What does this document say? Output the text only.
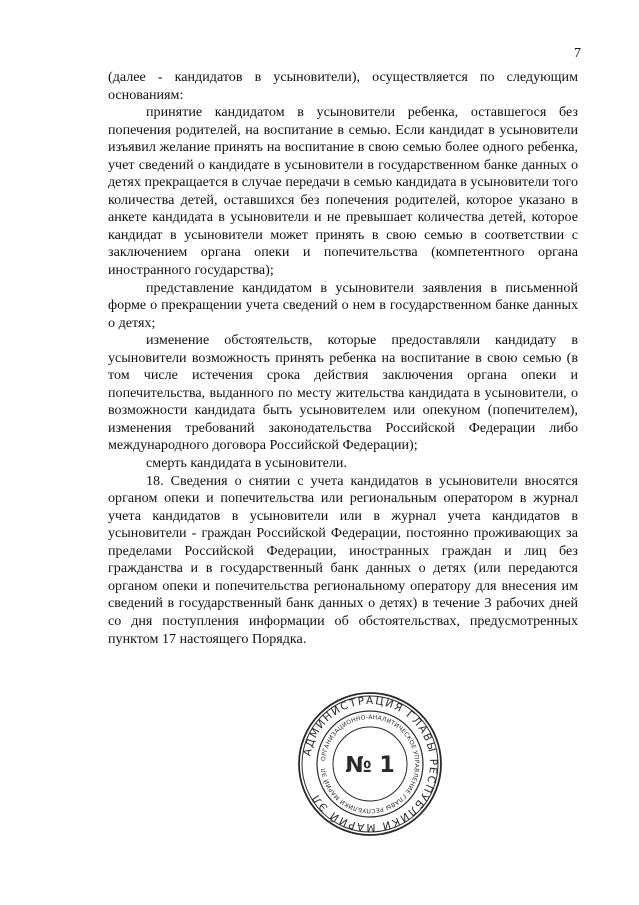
7

(далее - кандидатов в усыновители), осуществляется по следующим основаниям:

принятие кандидатом в усыновители ребенка, оставшегося без попечения родителей, на воспитание в семью. Если кандидат в усыновители изъявил желание принять на воспитание в свою семью более одного ребенка, учет сведений о кандидате в усыновители в государственном банке данных о детях прекращается в случае передачи в семью кандидата в усыновители того количества детей, оставшихся без попечения родителей, которое указано в анкете кандидата в усыновители и не превышает количества детей, которое кандидат в усыновители может принять в свою семью в соответствии с заключением органа опеки и попечительства (компетентного органа иностранного государства);

представление кандидатом в усыновители заявления в письменной форме о прекращении учета сведений о нем в государственном банке данных о детях;

изменение обстоятельств, которые предоставляли кандидату в усыновители возможность принять ребенка на воспитание в свою семью (в том числе истечения срока действия заключения органа опеки и попечительства, выданного по месту жительства кандидата в усыновители, о возможности кандидата быть усыновителем или опекуном (попечителем), изменения требований законодательства Российской Федерации либо международного договора Российской Федерации);

смерть кандидата в усыновители.

18. Сведения о снятии с учета кандидатов в усыновители вносятся органом опеки и попечительства или региональным оператором в журнал учета кандидатов в усыновители или в журнал учета кандидатов в усыновители - граждан Российской Федерации, постоянно проживающих за пределами Российской Федерации, иностранных граждан и лиц без гражданства и в государственный банк данных о детях (или передаются органом опеки и попечительства региональному оператору для внесения им сведений в государственный банк данных о детях) в течение 3 рабочих дней со дня поступления информации об обстоятельствах, предусмотренных пунктом 17 настоящего Порядка.

АДМИНИСТРАЦИЯ ГЛАВЫ РЕСПУБЛИКИ МАРИЙ ЭЛ
ОРГАНИЗАЦИОННО-АНАЛИТИЧЕСКОЕ УПРАВЛЕНИЕ ГЛАВЫ РЕСПУБЛИКИ МАРИЙ ЭЛ № 1
